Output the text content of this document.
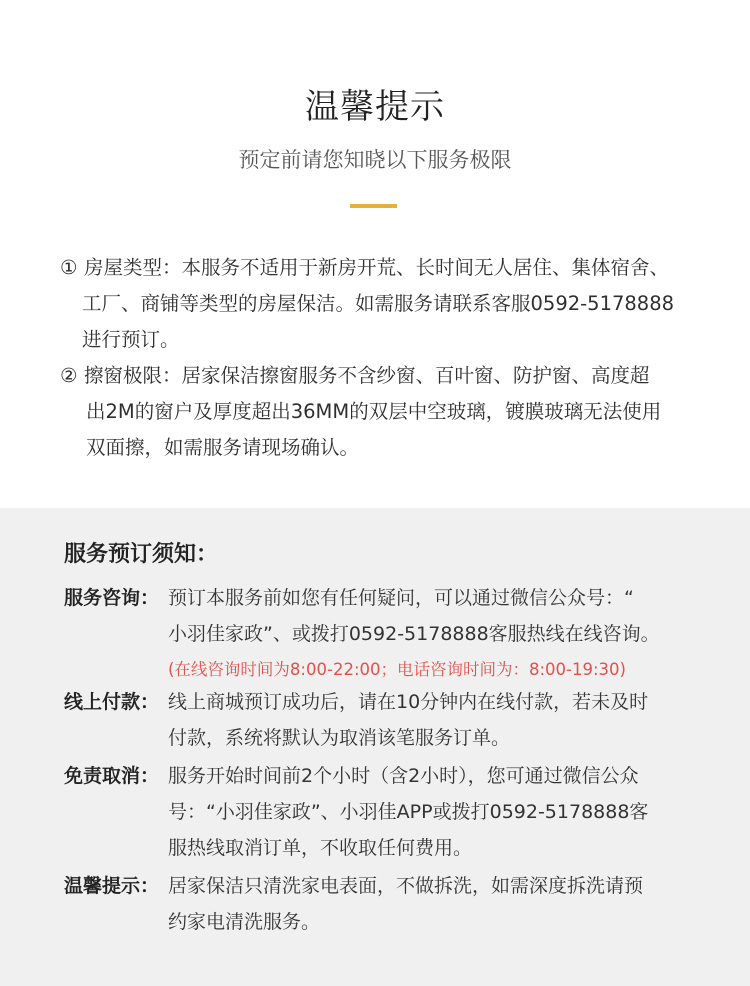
温馨提示
预定前请您知晓以下服务极限
① 房屋类型：本服务不适用于新房开荒、长时间无人居住、集体宿舍、
工厂、商铺等类型的房屋保洁。如需服务请联系客服0592-5178888
进行预订。
② 擦窗极限：居家保洁擦窗服务不含纱窗、百叶窗、防护窗、高度超
出2M的窗户及厚度超出36MM的双层中空玻璃，镀膜玻璃无法使用
双面擦，如需服务请现场确认。
服务预订须知：
服务咨询： 预订本服务前如您有任何疑问，可以通过微信公众号：“
小羽佳家政”、或拨打0592-5178888客服热线在线咨询。
(在线咨询时间为8:00-22:00；电话咨询时间为：8:00-19:30)
线上付款： 线上商城预订成功后，请在10分钟内在线付款，若未及时
付款，系统将默认为取消该笔服务订单。
免责取消： 服务开始时间前2个小时（含2小时），您可通过微信公众
号：“小羽佳家政”、小羽佳APP或拨打0592-5178888客
服热线取消订单，不收取任何费用。
温馨提示： 居家保洁只清洗家电表面，不做拆洗，如需深度拆洗请预
约家电清洗服务。
